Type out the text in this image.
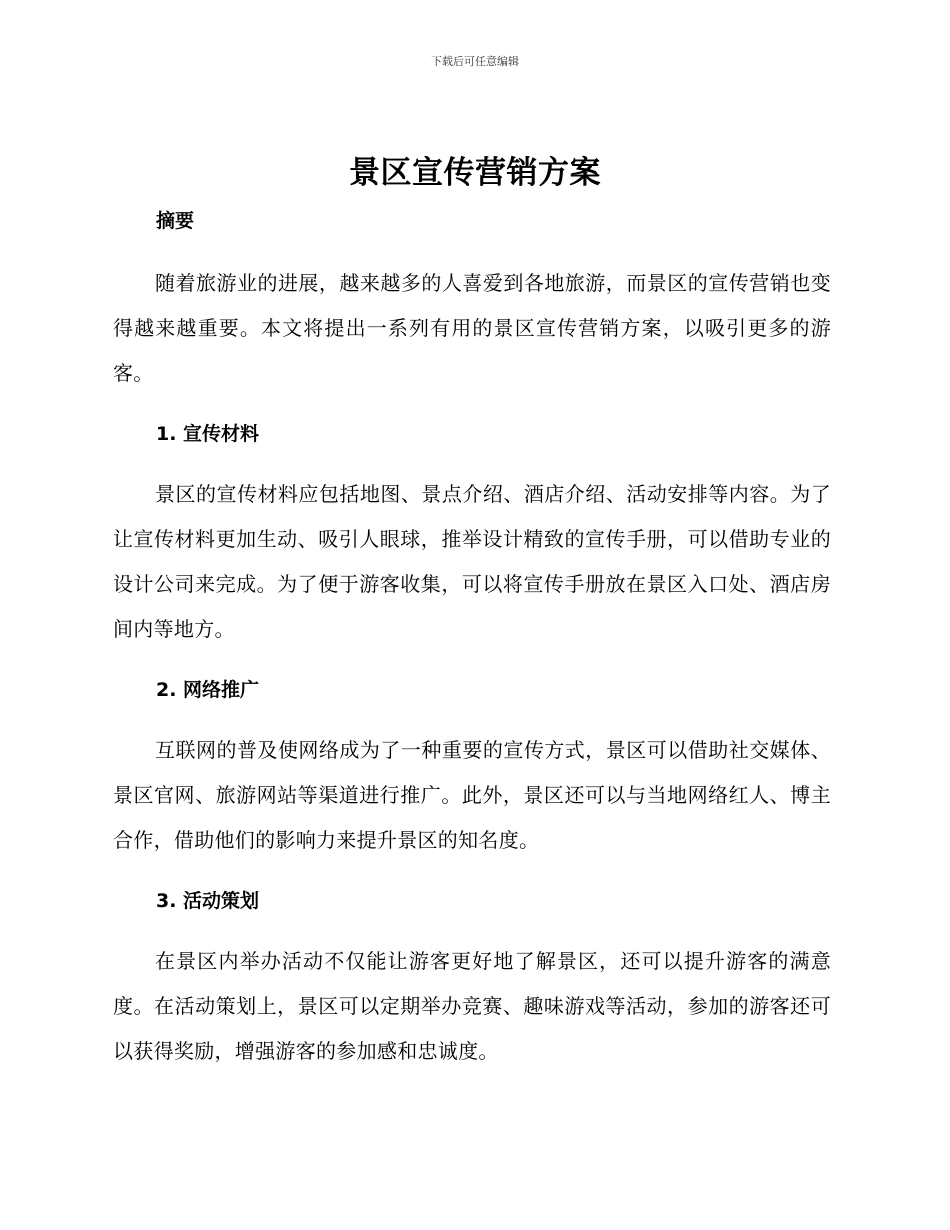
下载后可任意编辑
景区宣传营销方案
摘要

随着旅游业的进展，越来越多的人喜爱到各地旅游，而景区的宣传营销也变得越来越重要。本文将提出一系列有用的景区宣传营销方案，以吸引更多的游客。

1. 宣传材料

景区的宣传材料应包括地图、景点介绍、酒店介绍、活动安排等内容。为了让宣传材料更加生动、吸引人眼球，推举设计精致的宣传手册，可以借助专业的设计公司来完成。为了便于游客收集，可以将宣传手册放在景区入口处、酒店房间内等地方。

2. 网络推广

互联网的普及使网络成为了一种重要的宣传方式，景区可以借助社交媒体、景区官网、旅游网站等渠道进行推广。此外，景区还可以与当地网络红人、博主合作，借助他们的影响力来提升景区的知名度。

3. 活动策划

在景区内举办活动不仅能让游客更好地了解景区，还可以提升游客的满意度。在活动策划上，景区可以定期举办竞赛、趣味游戏等活动，参加的游客还可以获得奖励，增强游客的参加感和忠诚度。
